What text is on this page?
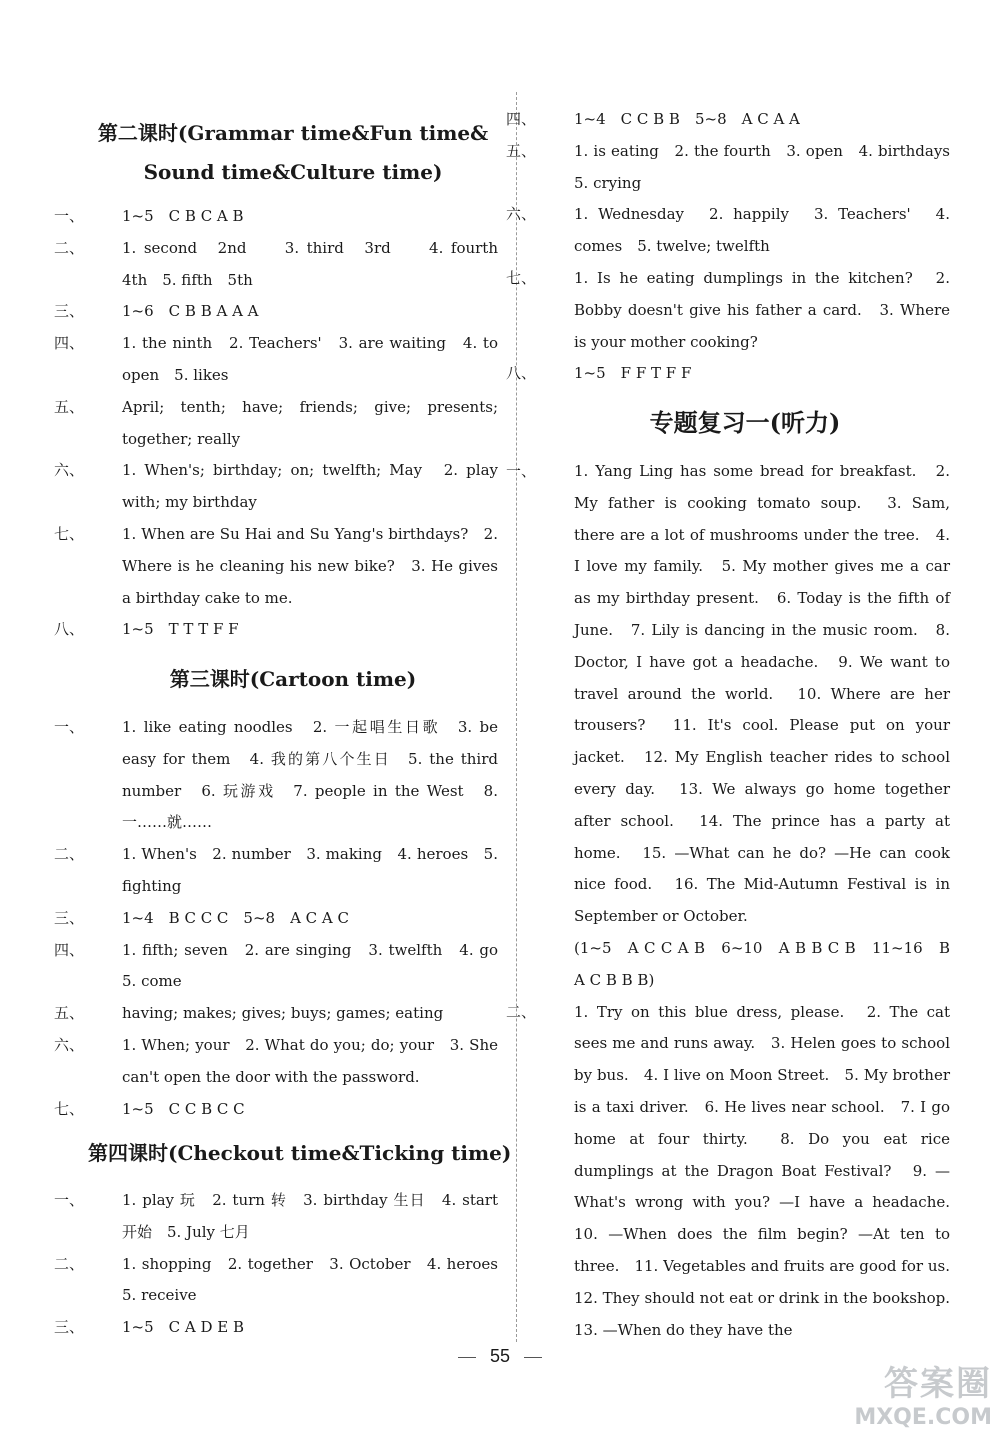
第二课时(Grammar time&Fun time&
Sound time&Culture time)
一、	1~5　C B C A B
二、	1. second　2nd　　3. third　3rd　　4. fourth　4th　5. fifth　5th
三、	1~6　C B B A A A
四、	1. the ninth　2. Teachers'　3. are waiting　4. to open　5. likes
五、	April; tenth; have; friends; give; presents; together; really
六、	1. When's; birthday; on; twelfth; May　2. play with; my birthday
七、	1. When are Su Hai and Su Yang's birthdays?　2. Where is he cleaning his new bike?　3. He gives a birthday cake to me.
八、	1~5　T T T F F
第三课时(Cartoon time)
一、	1. like eating noodles　2. 一起唱生日歌　3. be easy for them　4. 我的第八个生日　5. the third number　6. 玩游戏　7. people in the West　8. 一……就……
二、	1. When's　2. number　3. making　4. heroes　5. fighting
三、	1~4　B C C C　5~8　A C A C
四、	1. fifth; seven　2. are singing　3. twelfth　4. go　5. come
五、	having; makes; gives; buys; games; eating
六、	1. When; your　2. What do you; do; your　3. She can't open the door with the password.
七、	1~5　C C B C C
第四课时(Checkout time&Ticking time)
一、	1. play 玩　2. turn 转　3. birthday 生日　4. start 开始　5. July 七月
二、	1. shopping　2. together　3. October　4. heroes　5. receive
三、	1~5　C A D E B
四、	1~4　C C B B　5~8　A C A A
五、	1. is eating　2. the fourth　3. open　4. birthdays　5. crying
六、	1. Wednesday　2. happily　3. Teachers'　4. comes　5. twelve; twelfth
七、	1. Is he eating dumplings in the kitchen?　2. Bobby doesn't give his father a card.　3. Where is your mother cooking?
八、	1~5　F F T F F
专题复习一(听力)
一、	1. Yang Ling has some bread for breakfast.　2. My father is cooking tomato soup.　3. Sam, there are a lot of mushrooms under the tree.　4. I love my family.　5. My mother gives me a car as my birthday present.　6. Today is the fifth of June.　7. Lily is dancing in the music room.　8. Doctor, I have got a headache.　9. We want to travel around the world.　10. Where are her trousers?　11. It's cool. Please put on your jacket.　12. My English teacher rides to school every day.　13. We always go home together after school.　14. The prince has a party at home.　15. —What can he do? —He can cook nice food.　16. The Mid-Autumn Festival is in September or October.
(1~5　A C C A B　6~10　A B B C B　11~16　B A C B B B)
二、	1. Try on this blue dress, please.　2. The cat sees me and runs away.　3. Helen goes to school by bus.　4. I live on Moon Street.　5. My brother is a taxi driver.　6. He lives near school.　7. I go home at four thirty.　8. Do you eat rice dumplings at the Dragon Boat Festival?　9. —What's wrong with you? —I have a headache.　10. —When does the film begin? —At ten to three.　11. Vegetables and fruits are good for us.　12. They should not eat or drink in the bookshop.　13. —When do they have the
55
答案圈
MXQE.COM
